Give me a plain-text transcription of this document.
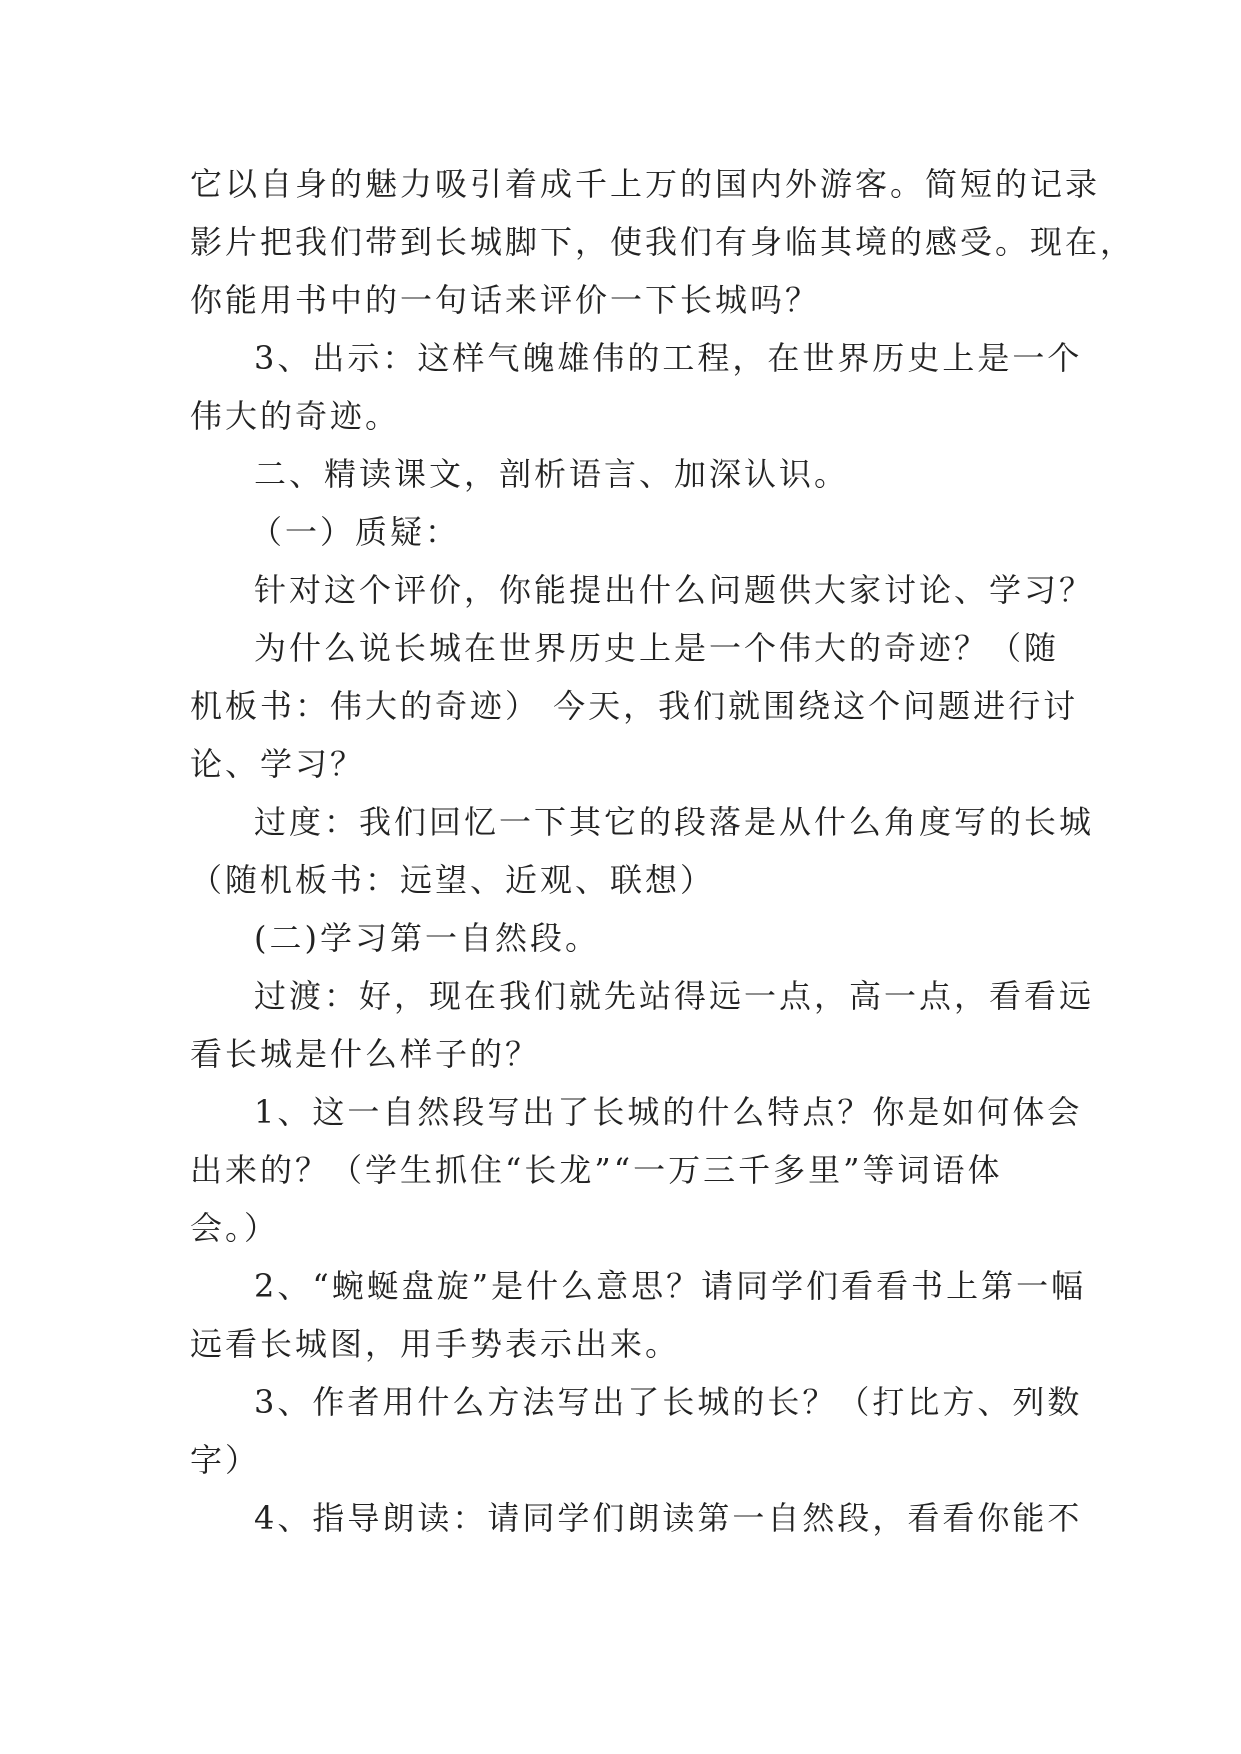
它以自身的魅力吸引着成千上万的国内外游客。简短的记录

影片把我们带到长城脚下，使我们有身临其境的感受。现在，

你能用书中的一句话来评价一下长城吗？

3、出示：这样气魄雄伟的工程，在世界历史上是一个

伟大的奇迹。

二、精读课文，剖析语言、加深认识。

（一）质疑：

针对这个评价，你能提出什么问题供大家讨论、学习？

为什么说长城在世界历史上是一个伟大的奇迹？（随

机板书：伟大的奇迹） 今天，我们就围绕这个问题进行讨

论、学习？

过度：我们回忆一下其它的段落是从什么角度写的长城

（随机板书：远望、近观、联想）

(二)学习第一自然段。

过渡：好，现在我们就先站得远一点，高一点，看看远

看长城是什么样子的？

1、这一自然段写出了长城的什么特点？你是如何体会

出来的？（学生抓住“长龙”“一万三千多里”等词语体

会。）

2、“蜿蜒盘旋”是什么意思？请同学们看看书上第一幅

远看长城图，用手势表示出来。

3、作者用什么方法写出了长城的长？（打比方、列数

字）

4、指导朗读：请同学们朗读第一自然段，看看你能不
